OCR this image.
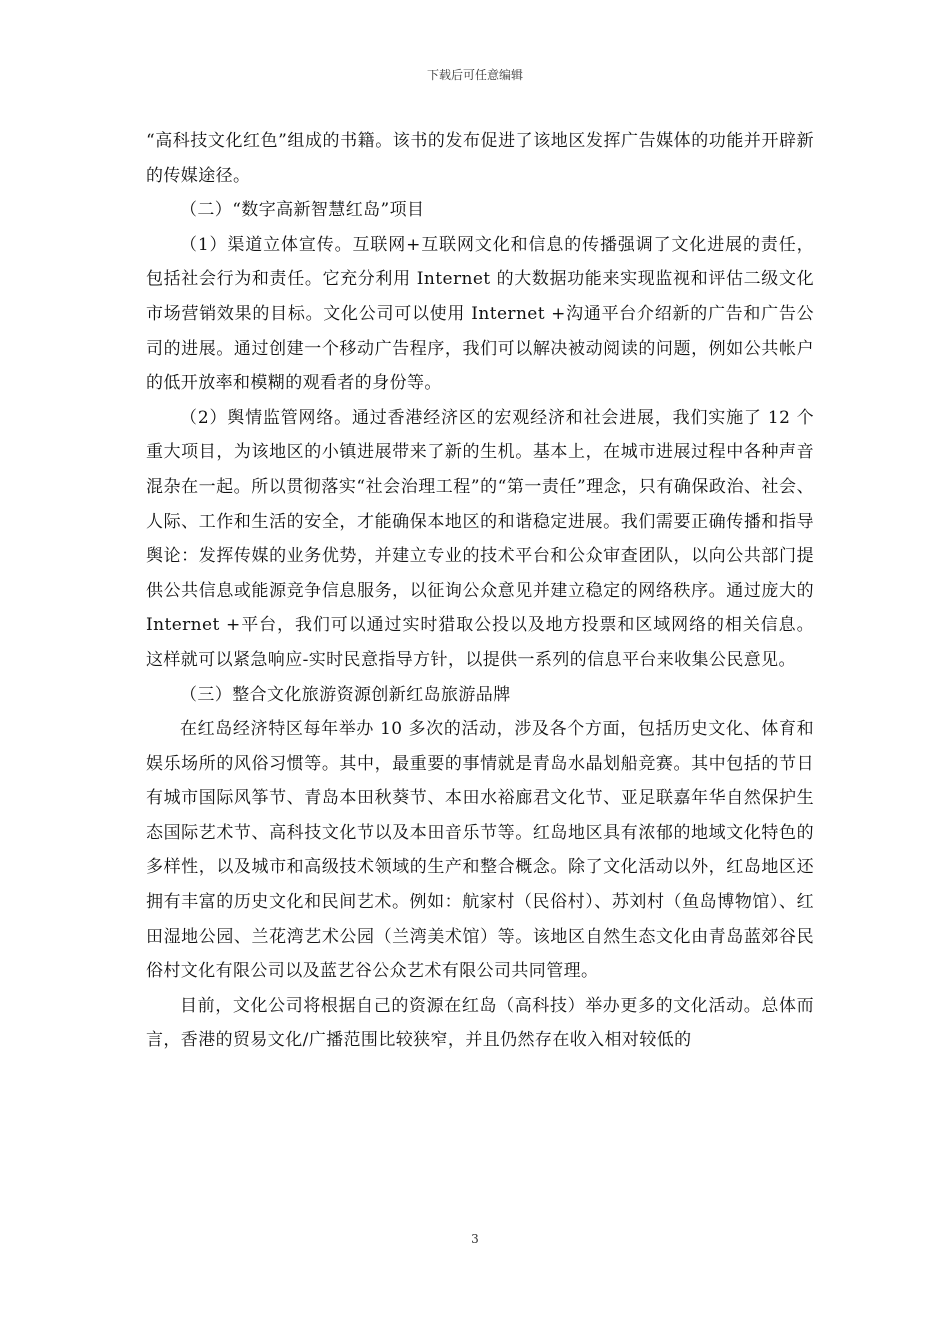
下载后可任意编辑

“高科技文化红色”组成的书籍。该书的发布促进了该地区发挥广告媒体的功能并开辟新的传媒途径。

（二）“数字高新智慧红岛”项目

（1）渠道立体宣传。互联网+互联网文化和信息的传播强调了文化进展的责任，包括社会行为和责任。它充分利用 Internet 的大数据功能来实现监视和评估二级文化市场营销效果的目标。文化公司可以使用 Internet +沟通平台介绍新的广告和广告公司的进展。通过创建一个移动广告程序，我们可以解决被动阅读的问题，例如公共帐户的低开放率和模糊的观看者的身份等。

（2）舆情监管网络。通过香港经济区的宏观经济和社会进展，我们实施了 12 个重大项目，为该地区的小镇进展带来了新的生机。基本上，在城市进展过程中各种声音混杂在一起。所以贯彻落实“社会治理工程”的“第一责任”理念，只有确保政治、社会、人际、工作和生活的安全，才能确保本地区的和谐稳定进展。我们需要正确传播和指导舆论：发挥传媒的业务优势，并建立专业的技术平台和公众审查团队，以向公共部门提供公共信息或能源竞争信息服务，以征询公众意见并建立稳定的网络秩序。通过庞大的 Internet +平台，我们可以通过实时猎取公投以及地方投票和区域网络的相关信息。这样就可以紧急响应-实时民意指导方针，以提供一系列的信息平台来收集公民意见。

（三）整合文化旅游资源创新红岛旅游品牌

在红岛经济特区每年举办 10 多次的活动，涉及各个方面，包括历史文化、体育和娱乐场所的风俗习惯等。其中，最重要的事情就是青岛水晶划船竞赛。其中包括的节日有城市国际风筝节、青岛本田秋葵节、本田水裕廊君文化节、亚足联嘉年华自然保护生态国际艺术节、高科技文化节以及本田音乐节等。红岛地区具有浓郁的地域文化特色的多样性，以及城市和高级技术领域的生产和整合概念。除了文化活动以外，红岛地区还拥有丰富的历史文化和民间艺术。例如：航家村（民俗村）、苏刘村（鱼岛博物馆）、红田湿地公园、兰花湾艺术公园（兰湾美术馆）等。该地区自然生态文化由青岛蓝郊谷民俗村文化有限公司以及蓝艺谷公众艺术有限公司共同管理。

目前，文化公司将根据自己的资源在红岛（高科技）举办更多的文化活动。总体而言，香港的贸易文化/广播范围比较狭窄，并且仍然存在收入相对较低的

3
